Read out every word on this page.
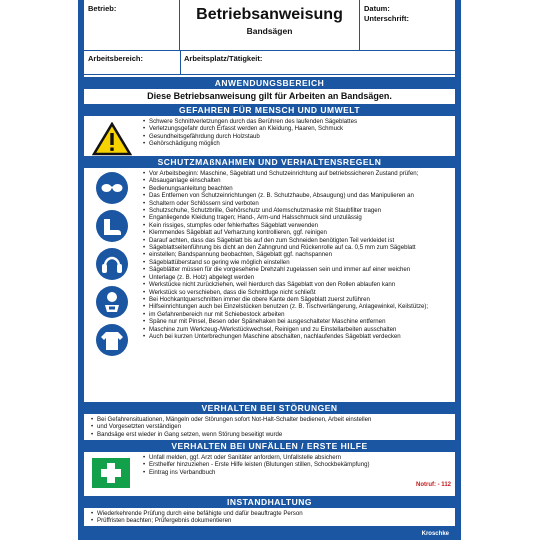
Betrieb:	Betriebsanweisung
Bandsägen
Datum:
Unterschrift:
Arbeitsbereich:	Arbeitsplatz/Tätigkeit:
ANWENDUNGSBEREICH
Diese Betriebsanweisung gilt für Arbeiten an Bandsägen.
GEFAHREN FÜR MENSCH UND UMWELT
• Schwere Schnittverletzungen durch das Berühren des laufenden Sägeblattes
• Verletzungsgefahr durch Erfasst werden an Kleidung, Haaren, Schmuck
• Gesundheitsgefährdung durch Holzstaub
• Gehörschädigung möglich
SCHUTZMAßNAHMEN UND VERHALTENSREGELN
• Vor Arbeitsbeginn: Maschine, Sägeblatt und Schutzeinrichtung auf betriebssicheren Zustand prüfen;
• Absauganlage einschalten
• Bedienungsanleitung beachten
• Das Entfernen von Schutzeinrichtungen (z. B. Schutzhaube, Absaugung) und das Manipulieren an
• Schaltern oder Schlössern sind verboten
• Schutzschuhe, Schutzbrille, Gehörschutz und Atemschutzmaske mit Staubfilter tragen
• Enganliegende Kleidung tragen; Hand-, Arm-und Halsschmuck sind unzulässig
• Kein rissiges, stumpfes oder fehlerhaftes Sägeblatt verwenden
• Klemmendes Sägeblatt auf Verharzung kontrollieren, ggf. reinigen
• Darauf achten, dass das Sägeblatt bis auf den zum Schneiden benötigten Teil verkleidet ist
• Sägeblattseitenführung bis dicht an den Zahngrund und Rückenrolle auf ca. 0,5 mm zum Sägeblatt
• einstellen; Bandspannung beobachten, Sägeblatt ggf. nachspannen
• Sägeblattüberstand so gering wie möglich einstellen
• Sägeblätter müssen für die vorgesehene Drehzahl zugelassen sein und immer auf einer weichen
• Unterlage (z. B. Holz) abgelegt werden
• Werkstücke nicht zurückziehen, weil hierdurch das Sägeblatt von den Rollen ablaufen kann
• Werkstück so verschieben, dass die Schnittfuge nicht schließt
• Bei Hochkantquerschnitten immer die obere Kante dem Sägeblatt zuerst zuführen
• Hilfseinrichtungen auch bei Einzelstücken benutzen (z. B. Tischverlängerung, Anlagewinkel, Keilstütze);
• im Gefahrenbereich nur mit Schiebestock arbeiten
• Späne nur mit Pinsel, Besen oder Spänehaken bei ausgeschalteter Maschine entfernen
• Maschine zum Werkzeug-/Werkstückwechsel, Reinigen und zu Einstellarbeiten ausschalten
• Auch bei kurzen Unterbrechungen Maschine abschalten, nachlaufendes Sägeblatt verdecken
VERHALTEN BEI STÖRUNGEN
• Bei Gefahrensituationen, Mängeln oder Störungen sofort Not-Halt-Schalter bedienen, Arbeit einstellen
• und Vorgesetzten verständigen
• Bandsäge erst wieder in Gang setzen, wenn Störung beseitigt wurde
VERHALTEN BEI UNFÄLLEN / ERSTE HILFE
• Unfall melden, ggf. Arzt oder Sanitäter anfordern, Unfallstelle absichern
• Ersthelfer hinzuziehen - Erste Hilfe leisten (Blutungen stillen, Schockbekämpfung)
• Eintrag ins Verbandbuch
Notruf: - 112
INSTANDHALTUNG
• Wiederkehrende Prüfung durch eine befähigte und dafür beauftragte Person
• Prüffristen beachten; Prüfergebnis dokumentieren
Kroschke
